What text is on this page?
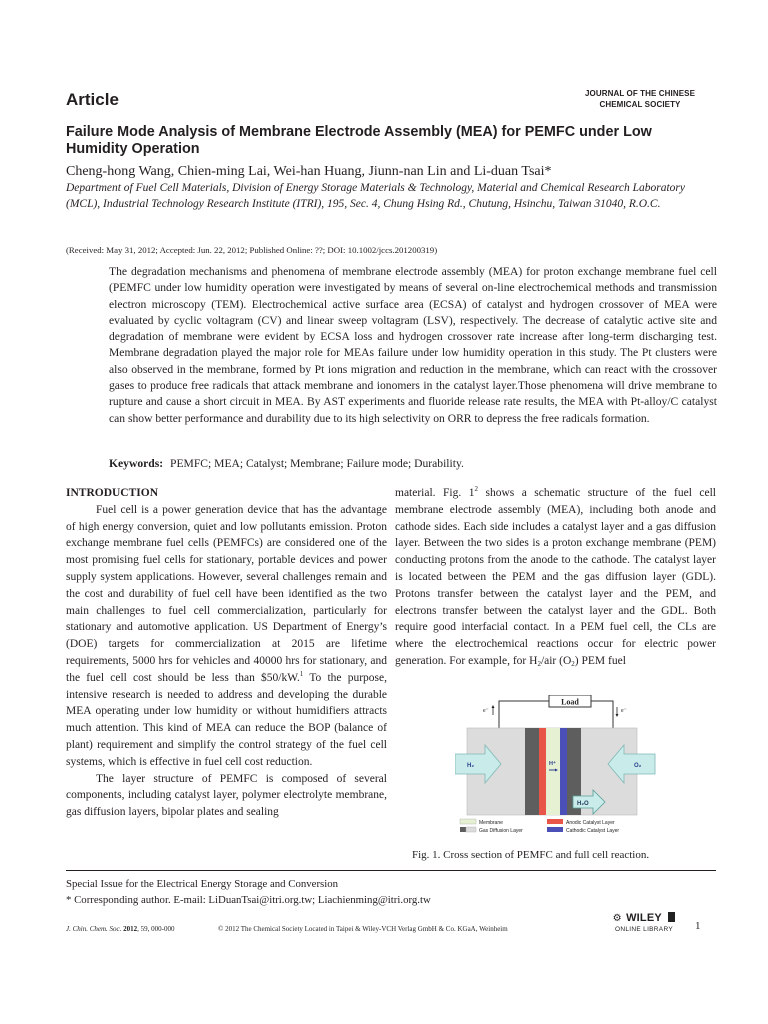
Article	JOURNAL OF THE CHINESE
CHEMICAL SOCIETY
Failure Mode Analysis of Membrane Electrode Assembly (MEA) for PEMFC under Low Humidity Operation
Cheng-hong Wang, Chien-ming Lai, Wei-han Huang, Jiunn-nan Lin and Li-duan Tsai*
Department of Fuel Cell Materials, Division of Energy Storage Materials & Technology, Material and Chemical Research Laboratory (MCL), Industrial Technology Research Institute (ITRI), 195, Sec. 4, Chung Hsing Rd., Chutung, Hsinchu, Taiwan 31040, R.O.C.
(Received: May 31, 2012; Accepted: Jun. 22, 2012; Published Online: ??; DOI: 10.1002/jccs.201200319)
The degradation mechanisms and phenomena of membrane electrode assembly (MEA) for proton exchange membrane fuel cell (PEMFC under low humidity operation were investigated by means of several on-line electrochemical methods and transmission electron microscopy (TEM). Electrochemical active surface area (ECSA) of catalyst and hydrogen crossover of MEA were evaluated by cyclic voltagram (CV) and linear sweep voltagram (LSV), respectively. The decrease of catalytic active site and degradation of membrane were evident by ECSA loss and hydrogen crossover rate increase after long-term discharging test. Membrane degradation played the major role for MEAs failure under low humidity operation in this study. The Pt clusters were also observed in the membrane, formed by Pt ions migration and reduction in the membrane, which can react with the crossover gases to produce free radicals that attack membrane and ionomers in the catalyst layer.Those phenomena will drive membrane to rupture and cause a short circuit in MEA. By AST experiments and fluoride release rate results, the MEA with Pt-alloy/C catalyst can show better performance and durability due to its high selectivity on ORR to depress the free radicals formation.
Keywords: PEMFC; MEA; Catalyst; Membrane; Failure mode; Durability.
INTRODUCTION

Fuel cell is a power generation device that has the advantage of high energy conversion, quiet and low pollutants emission. Proton exchange membrane fuel cells (PEMFCs) are considered one of the most promising fuel cells for stationary, portable devices and power supply system applications. However, several challenges remain and the cost and durability of fuel cell have been identified as the two main challenges to fuel cell commercialization, particularly for stationary and automotive application. US Department of Energy’s (DOE) targets for commercialization at 2015 are lifetime requirements, 5000 hrs for vehicles and 40000 hrs for stationary, and the fuel cell cost should be less than $50/kW.$^1$ To the purpose, intensive research is needed to address and developing the durable MEA operating under low humidity or without humidifiers attracts much attention. This kind of MEA can reduce the BOP (balance of plant) requirement and simplify the control strategy of the fuel cell systems, which is effective in fuel cell cost reduction.

The layer structure of PEMFC is composed of several components, including catalyst layer, polymer electrolyte membrane, gas diffusion layers, bipolar plates and sealing

material. Fig. $1^2$ shows a schematic structure of the fuel cell membrane electrode assembly (MEA), including both anode and cathode sides. Each side includes a catalyst layer and a gas diffusion layer. Between the two sides is a proton exchange membrane (PEM) conducting protons from the anode to the cathode. The catalyst layer is located between the PEM and the gas diffusion layer (GDL). Protons transfer between the catalyst layer and the PEM, and electrons transfer between the catalyst layer and the GDL. Both require good interfacial contact. In a PEM fuel cell, the CLs are where the electrochemical reactions occur for electric power generation. For example, for $H_2$/air $(O_2)$ PEM fuel

Load
e⁻	e⁻
H₂	O₂
H⁺
H₂O
Membrane	Anodic Catalyst Layer
Gas Diffusion Layer	Cathodic Catalyst Layer
Fig. 1. Cross section of PEMFC and full cell reaction.
Special Issue for the Electrical Energy Storage and Conversion
* Corresponding author. E-mail: LiDuanTsai@itri.org.tw; Liachienming@itri.org.tw
J. Chin. Chem. Soc. 2012, 59, 000-000	© 2012 The Chemical Society Located in Taipei & Wiley-VCH Verlag GmbH & Co. KGaA, Weinheim
⚙ WILEY
ONLINE LIBRARY	1
